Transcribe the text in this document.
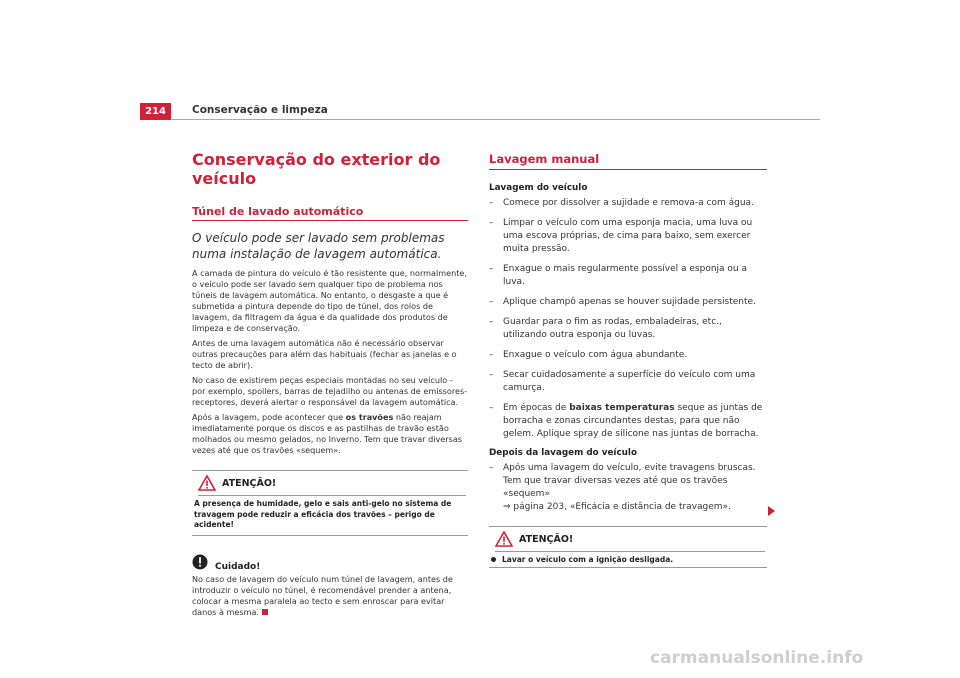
214	Conservação e limpeza
Conservação do exterior do veículo
Túnel de lavado automático
O veículo pode ser lavado sem problemas numa instalação de lavagem automática.

A camada de pintura do veículo é tão resistente que, normalmente, o veículo pode ser lavado sem qualquer tipo de problema nos túneis de lavagem automática. No entanto, o desgaste a que é submetida a pintura depende do tipo de túnel, dos rolos de lavagem, da filtragem da água e da qualidade dos produtos de limpeza e de conservação.

Antes de uma lavagem automática não é necessário observar outras precauções para além das habituais (fechar as janelas e o tecto de abrir).

No caso de existirem peças especiais montadas no seu veículo - por exemplo, spoilers, barras de tejadilho ou antenas de emissores-receptores, deverá alertar o responsável da lavagem automática.

Após a lavagem, pode acontecer que os travões não reajam imediatamente porque os discos e as pastilhas de travão estão molhados ou mesmo gelados, no Inverno. Tem que travar diversas vezes até que os travões «sequem».

ATENÇÃO!
A presença de humidade, gelo e sais anti-gelo no sistema de travagem pode reduzir a eficácia dos travões – perigo de acidente!
Cuidado!

No caso de lavagem do veículo num túnel de lavagem, antes de introduzir o veículo no túnel, é recomendável prender a antena, colocar a mesma paralela ao tecto e sem enroscar para evitar danos à mesma.

Lavagem manual
Lavagem do veículo
–	Comece por dissolver a sujidade e remova-a com água.
–	Limpar o veículo com uma esponja macia, uma luva ou uma escova próprias, de cima para baixo, sem exercer muita pressão.
–	Enxague o mais regularmente possível a esponja ou a luva.
–	Aplique champô apenas se houver sujidade persistente.
–	Guardar para o fim as rodas, embaladeiras, etc., utilizando outra esponja ou luvas.
–	Enxague o veículo com água abundante.
–	Secar cuidadosamente a superfície do veículo com uma camurça.
–	Em épocas de baixas temperaturas seque as juntas de borracha e zonas circundantes destas, para que não gelem. Aplique spray de silicone nas juntas de borracha.
Depois da lavagem do veículo
–	Após uma lavagem do veículo, evite travagens bruscas. Tem que travar diversas vezes até que os travões «sequem»
⇒ página 203, «Eficácia e distância de travagem».
ATENÇÃO!
Lavar o veículo com a ignição desligada.
carmanualsonline.info
